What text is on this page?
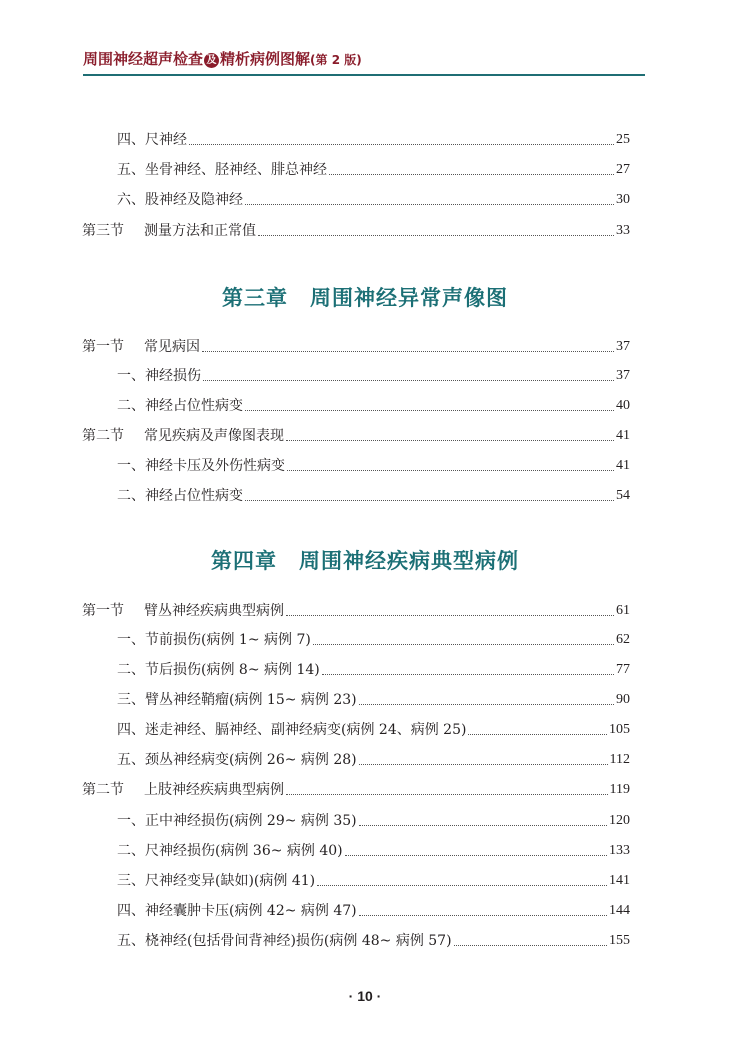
周围神经超声检查 及 精析病例图解(第 2 版)
四、尺神经	25
五、坐骨神经、胫神经、腓总神经	27
六、股神经及隐神经	30
第三节 测量方法和正常值	33
第三章 周围神经异常声像图
第一节 常见病因	37
一、神经损伤	37
二、神经占位性病变	40
第二节 常见疾病及声像图表现	41
一、神经卡压及外伤性病变	41
二、神经占位性病变	54
第四章 周围神经疾病典型病例
第一节 臂丛神经疾病典型病例	61
一、节前损伤(病例 1~ 病例 7)	62
二、节后损伤(病例 8~ 病例 14)	77
三、臂丛神经鞘瘤(病例 15~ 病例 23)	90
四、迷走神经、膈神经、副神经病变(病例 24、病例 25)	105
五、颈丛神经病变(病例 26~ 病例 28)	112
第二节 上肢神经疾病典型病例	119
一、正中神经损伤(病例 29~ 病例 35)	120
二、尺神经损伤(病例 36~ 病例 40)	133
三、尺神经变异(缺如)(病例 41)	141
四、神经囊肿卡压(病例 42~ 病例 47)	144
五、桡神经(包括骨间背神经)损伤(病例 48~ 病例 57)	155
· 10 ·
